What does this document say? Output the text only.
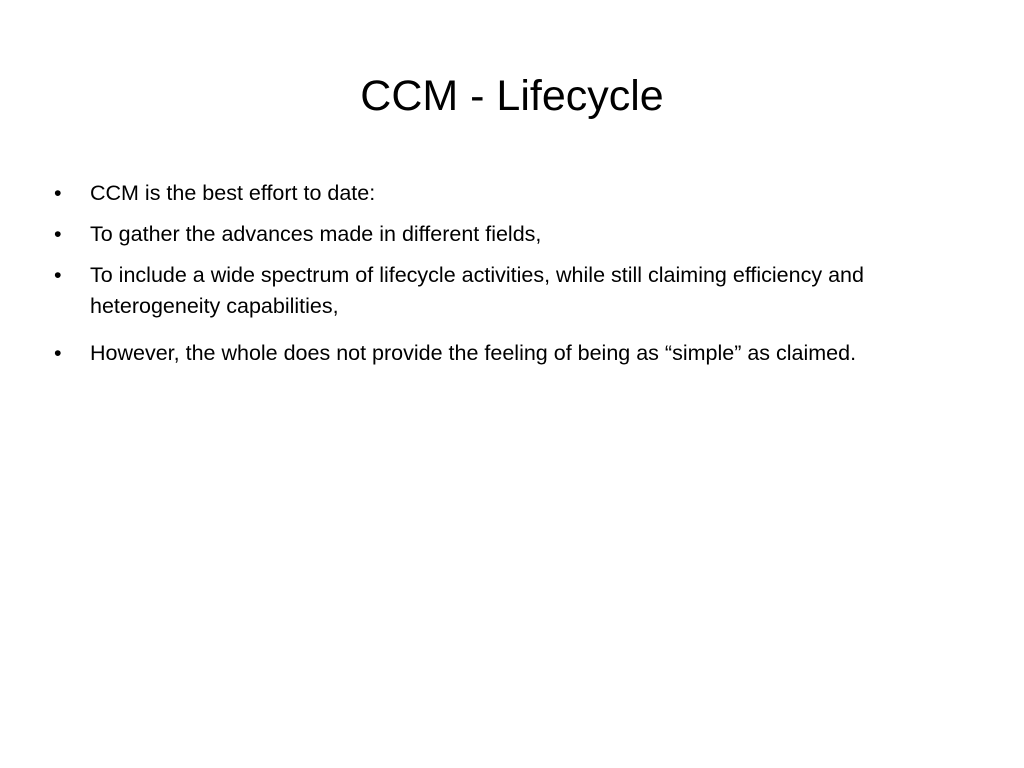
CCM - Lifecycle
• CCM is the best effort to date:
• To gather the advances made in different fields,
• To include a wide spectrum of lifecycle activities, while still claiming efficiency and heterogeneity capabilities,
• However, the whole does not provide the feeling of being as “simple” as claimed.
